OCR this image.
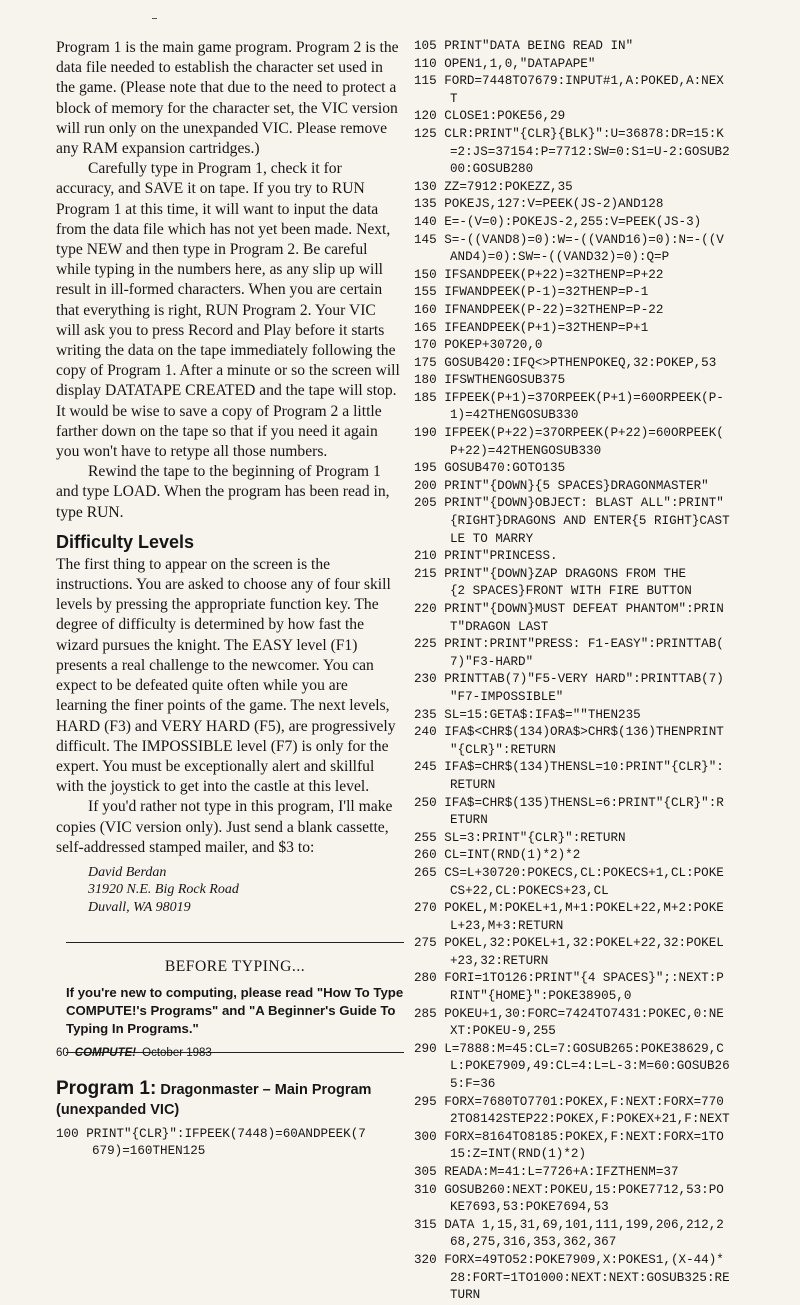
Program 1 is the main game program. Program 2 is the data file needed to establish the character set used in the game. (Please note that due to the need to protect a block of memory for the character set, the VIC version will run only on the unexpanded VIC. Please remove any RAM expansion cartridges.)

Carefully type in Program 1, check it for accuracy, and SAVE it on tape. If you try to RUN Program 1 at this time, it will want to input the data from the data file which has not yet been made. Next, type NEW and then type in Program 2. Be careful while typing in the numbers here, as any slip up will result in ill-formed characters. When you are certain that everything is right, RUN Program 2. Your VIC will ask you to press Record and Play before it starts writing the data on the tape immediately following the copy of Program 1. After a minute or so the screen will display DATATAPE CREATED and the tape will stop. It would be wise to save a copy of Program 2 a little farther down on the tape so that if you need it again you won't have to retype all those numbers.

Rewind the tape to the beginning of Program 1 and type LOAD. When the program has been read in, type RUN.

Difficulty Levels

The first thing to appear on the screen is the instructions. You are asked to choose any of four skill levels by pressing the appropriate function key. The degree of difficulty is determined by how fast the wizard pursues the knight. The EASY level (F1) presents a real challenge to the newcomer. You can expect to be defeated quite often while you are learning the finer points of the game. The next levels, HARD (F3) and VERY HARD (F5), are progressively difficult. The IMPOSSIBLE level (F7) is only for the expert. You must be exceptionally alert and skillful with the joystick to get into the castle at this level.

If you'd rather not type in this program, I'll make copies (VIC version only). Just send a blank cassette, self-addressed stamped mailer, and $3 to:

David Berdan
31920 N.E. Big Rock Road
Duvall, WA 98019
BEFORE TYPING...
If you're new to computing, please read "How To Type COMPUTE!'s Programs" and "A Beginner's Guide To Typing In Programs."
Program 1: Dragonmaster – Main Program (unexpanded VIC)
100 PRINT"{CLR}":IFPEEK(7448)=60ANDPEEK(7
679)=160THEN125
105 PRINT"DATA BEING READ IN"
110 OPEN1,1,0,"DATAPAPE"
115 FORD=7448TO7679:INPUT#1,A:POKED,A:NEX
T
120 CLOSE1:POKE56,29
125 CLR:PRINT"{CLR}{BLK}":U=36878:DR=15:K
=2:JS=37154:P=7712:SW=0:S1=U-2:GOSUB2
00:GOSUB280
130 ZZ=7912:POKEZZ,35
135 POKEJS,127:V=PEEK(JS-2)AND128
140 E=-(V=0):POKEJS-2,255:V=PEEK(JS-3)
145 S=-((VAND8)=0):W=-((VAND16)=0):N=-((V
AND4)=0):SW=-((VAND32)=0):Q=P
150 IFSANDPEEK(P+22)=32THENP=P+22
155 IFWANDPEEK(P-1)=32THENP=P-1
160 IFNANDPEEK(P-22)=32THENP=P-22
165 IFEANDPEEK(P+1)=32THENP=P+1
170 POKEP+30720,0
175 GOSUB420:IFQ<>PTHENPOKEQ,32:POKEP,53
180 IFSWTHENGOSUB375
185 IFPEEK(P+1)=37ORPEEK(P+1)=60ORPEEK(P-
1)=42THENGOSUB330
190 IFPEEK(P+22)=37ORPEEK(P+22)=60ORPEEK(
P+22)=42THENGOSUB330
195 GOSUB470:GOTO135
200 PRINT"{DOWN}{5 SPACES}DRAGONMASTER"
205 PRINT"{DOWN}OBJECT: BLAST ALL":PRINT"
{RIGHT}DRAGONS AND ENTER{5 RIGHT}CAST
LE TO MARRY
210 PRINT"PRINCESS.
215 PRINT"{DOWN}ZAP DRAGONS FROM THE
{2 SPACES}FRONT WITH FIRE BUTTON
220 PRINT"{DOWN}MUST DEFEAT PHANTOM":PRIN
T"DRAGON LAST
225 PRINT:PRINT"PRESS: F1-EASY":PRINTTAB(
7)"F3-HARD"
230 PRINTTAB(7)"F5-VERY HARD":PRINTTAB(7)
"F7-IMPOSSIBLE"
235 SL=15:GETA$:IFA$=""THEN235
240 IFA$<CHR$(134)ORA$>CHR$(136)THENPRINT
"{CLR}":RETURN
245 IFA$=CHR$(134)THENSL=10:PRINT"{CLR}":
RETURN
250 IFA$=CHR$(135)THENSL=6:PRINT"{CLR}":R
ETURN
255 SL=3:PRINT"{CLR}":RETURN
260 CL=INT(RND(1)*2)*2
265 CS=L+30720:POKECS,CL:POKECS+1,CL:POKE
CS+22,CL:POKECS+23,CL
270 POKEL,M:POKEL+1,M+1:POKEL+22,M+2:POKE
L+23,M+3:RETURN
275 POKEL,32:POKEL+1,32:POKEL+22,32:POKEL
+23,32:RETURN
280 FORI=1TO126:PRINT"{4 SPACES}";:NEXT:P
RINT"{HOME}":POKE38905,0
285 POKEU+1,30:FORC=7424TO7431:POKEC,0:NE
XT:POKEU-9,255
290 L=7888:M=45:CL=7:GOSUB265:POKE38629,C
L:POKE7909,49:CL=4:L=L-3:M=60:GOSUB26
5:F=36
295 FORX=7680TO7701:POKEX,F:NEXT:FORX=770
2TO8142STEP22:POKEX,F:POKEX+21,F:NEXT
300 FORX=8164TO8185:POKEX,F:NEXT:FORX=1TO
15:Z=INT(RND(1)*2)
305 READA:M=41:L=7726+A:IFZTHENM=37
310 GOSUB260:NEXT:POKEU,15:POKE7712,53:PO
KE7693,53:POKE7694,53
315 DATA 1,15,31,69,101,111,199,206,212,2
68,275,316,353,362,367
320 FORX=49TO52:POKE7909,X:POKES1,(X-44)*
28:FORT=1TO1000:NEXT:NEXT:GOSUB325:RE
TURN
60 COMPUTE! October 1983
